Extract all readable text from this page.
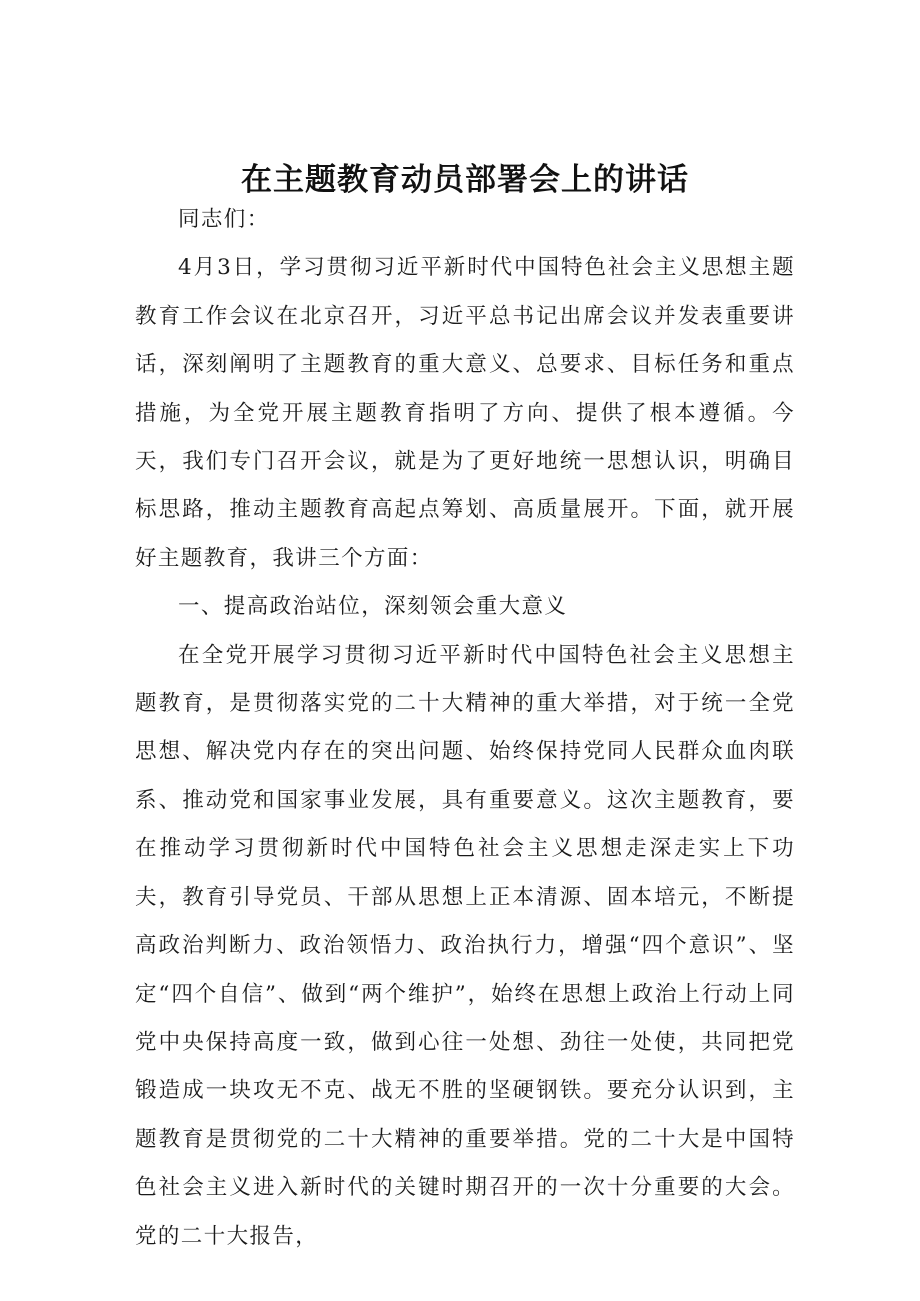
在主题教育动员部署会上的讲话

同志们：

4月3日，学习贯彻习近平新时代中国特色社会主义思想主题教育工作会议在北京召开，习近平总书记出席会议并发表重要讲话，深刻阐明了主题教育的重大意义、总要求、目标任务和重点措施，为全党开展主题教育指明了方向、提供了根本遵循。今天，我们专门召开会议，就是为了更好地统一思想认识，明确目标思路，推动主题教育高起点筹划、高质量展开。下面，就开展好主题教育，我讲三个方面：

一、提高政治站位，深刻领会重大意义

在全党开展学习贯彻习近平新时代中国特色社会主义思想主题教育，是贯彻落实党的二十大精神的重大举措，对于统一全党思想、解决党内存在的突出问题、始终保持党同人民群众血肉联系、推动党和国家事业发展，具有重要意义。这次主题教育，要在推动学习贯彻新时代中国特色社会主义思想走深走实上下功夫，教育引导党员、干部从思想上正本清源、固本培元，不断提高政治判断力、政治领悟力、政治执行力，增强“四个意识”、坚定“四个自信”、做到“两个维护”，始终在思想上政治上行动上同党中央保持高度一致，做到心往一处想、劲往一处使，共同把党锻造成一块攻无不克、战无不胜的坚硬钢铁。要充分认识到，主题教育是贯彻党的二十大精神的重要举措。党的二十大是中国特色社会主义进入新时代的关键时期召开的一次十分重要的大会。党的二十大报告，
